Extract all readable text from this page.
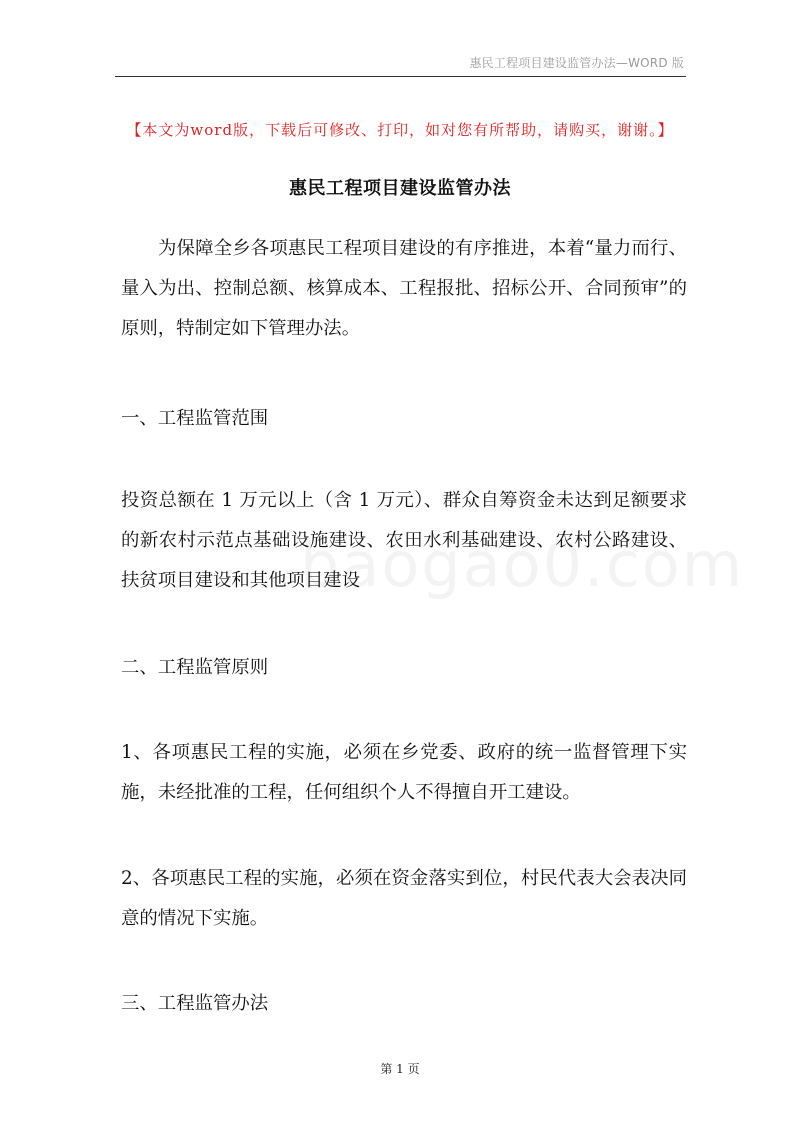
惠民工程项目建设监管办法—WORD 版
【本文为word版，下载后可修改、打印，如对您有所帮助，请购买，谢谢。】
惠民工程项目建设监管办法
为保障全乡各项惠民工程项目建设的有序推进，本着“量力而行、量入为出、控制总额、核算成本、工程报批、招标公开、合同预审”的原则，特制定如下管理办法。
一、工程监管范围
投资总额在 1 万元以上（含 1 万元）、群众自筹资金未达到足额要求的新农村示范点基础设施建设、农田水利基础建设、农村公路建设、扶贫项目建设和其他项目建设
二、工程监管原则
1、各项惠民工程的实施，必须在乡党委、政府的统一监督管理下实施，未经批准的工程，任何组织个人不得擅自开工建设。
2、各项惠民工程的实施，必须在资金落实到位，村民代表大会表决同意的情况下实施。
三、工程监管办法
第 1 页
